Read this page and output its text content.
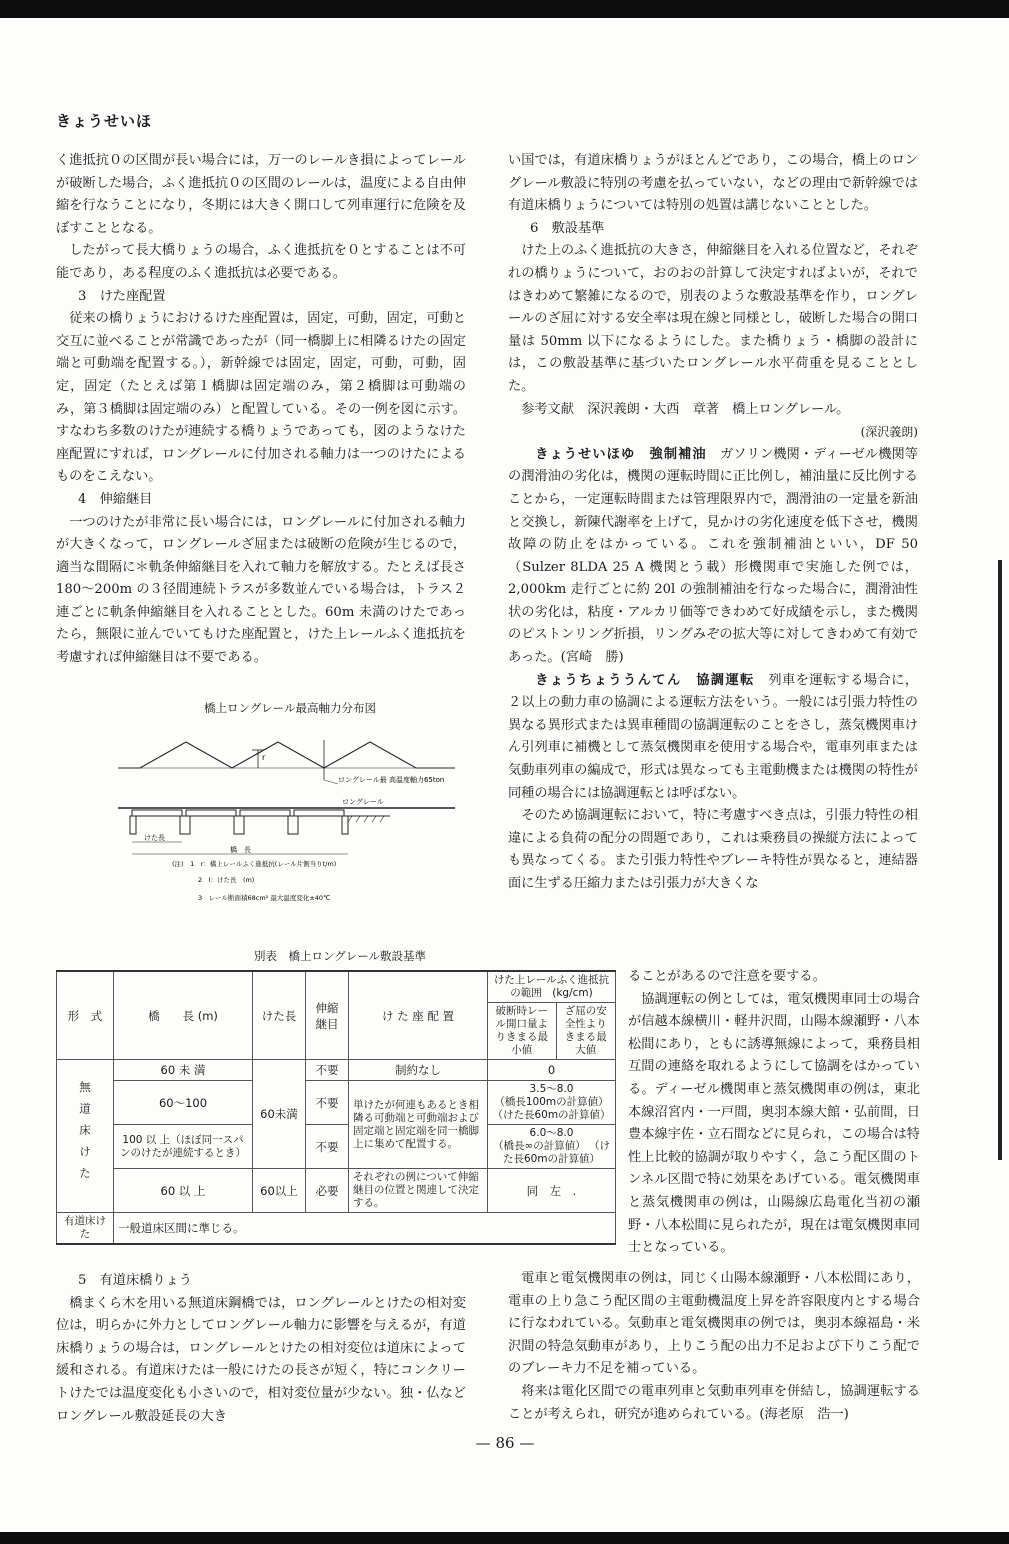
きょうせいほ

く進抵抗０の区間が長い場合には，万一のレールき損によってレールが破断した場合，ふく進抵抗０の区間のレールは，温度による自由伸縮を行なうことになり，冬期には大きく開口して列車運行に危険を及ぼすこととなる。

したがって長大橋りょうの場合，ふく進抵抗を０とすることは不可能であり，ある程度のふく進抵抗は必要である。

3　けた座配置

従来の橋りょうにおけるけた座配置は，固定，可動，固定，可動と交互に並べることが常識であったが（同一橋脚上に相隣るけたの固定端と可動端を配置する。），新幹線では固定，固定，可動，可動，固定，固定（たとえば第１橋脚は固定端のみ，第２橋脚は可動端のみ，第３橋脚は固定端のみ）と配置している。その一例を図に示す。すなわち多数のけたが連続する橋りょうであっても，図のようなけた座配置にすれば，ロングレールに付加される軸力は一つのけたによるものをこえない。

4　伸縮継目

一つのけたが非常に長い場合には，ロングレールに付加される軸力が大きくなって，ロングレールざ屈または破断の危険が生じるので，適当な間隔に＊軌条伸縮継目を入れて軸力を解放する。たとえば長さ 180～200m の３径間連続トラスが多数並んでいる場合は，トラス２連ごとに軌条伸縮継目を入れることとした。60m 未満のけたであったら，無限に並んでいてもけた座配置と，けた上レールふく進抵抗を考慮すれば伸縮継目は不要である。

橋上ロングレール最高軸力分布図
r
ロングレール最 高温度軸力65ton
ロングレール
けた長
橋　長
(注)　1　r：橋上レールふく進抵抗(レール片側当りt/m)
2　l：けた長　(m)
3　レール断面積68cm² 最大温度変化±40℃
別表　橋上ロングレール敷設基準
形　式	橋　　長 (m)	けた長	伸縮継目	け た 座 配 置	けた上レールふく進抵抗の範囲　(kg/cm)	
					破断時レール開口量よりきまる最小値	ざ屈の安全性よりきまる最大値
無道床けた	60 未 満	60未満	不要	制約なし	0	
	60～100		不要	単けたが何連もあるとき相隣る可動端と可動端および固定端と固定端を同一橋脚上に集めて配置する。	3.5～8.0
（橋長100mの計算値） （けた長60mの計算値）	
	100 以 上（ほぼ同一スパンのけたが連続するとき）		不要		6.0～8.0
（橋長∞の計算値） （けた長60mの計算値）	
	60 以 上	60以上	必要	それぞれの例について伸縮継目の位置と関連して決定する。	同　左　.	
有道床けた	一般道床区間に準じる。					

5　有道床橋りょう

橋まくら木を用いる無道床鋼橋では，ロングレールとけたの相対変位は，明らかに外力としてロングレール軸力に影響を与えるが，有道床橋りょうの場合は，ロングレールとけたの相対変位は道床によって緩和される。有道床けたは一般にけたの長さが短く，特にコンクリートけたでは温度変化も小さいので，相対変位量が少ない。独・仏などロングレール敷設延長の大き

い国では，有道床橋りょうがほとんどであり，この場合，橋上のロングレール敷設に特別の考慮を払っていない，などの理由で新幹線では有道床橋りょうについては特別の処置は講じないこととした。

6　敷設基準

けた上のふく進抵抗の大きさ，伸縮継目を入れる位置など，それぞれの橋りょうについて，おのおの計算して決定すればよいが，それではきわめて繁雑になるので，別表のような敷設基準を作り，ロングレールのざ屈に対する安全率は現在線と同様とし，破断した場合の開口量は 50mm 以下になるようにした。また橋りょう・橋脚の設計には，この敷設基準に基づいたロングレール水平荷重を見ることとした。

参考文献　深沢義朗・大西　章著　橋上ロングレール。

(深沢義朗)

きょうせいほゆ　強制補油　 ガソリン機関・ディーゼル機関等の潤滑油の劣化は，機関の運転時間に正比例し，補油量に反比例することから，一定運転時間または管理限界内で，潤滑油の一定量を新油と交換し，新陳代謝率を上げて，見かけの劣化速度を低下させ，機関故障の防止をはかっている。これを強制補油といい，DF 50（Sulzer 8LDA 25 A 機関とう載）形機関車で実施した例では，2,000km 走行ごとに約 20l の強制補油を行なった場合に，潤滑油性状の劣化は，粘度・アルカリ価等できわめて好成績を示し，また機関のピストンリング折損，リングみぞの拡大等に対してきわめて有効であった。(宮崎　勝)

きょうちょううんてん　協調運転　 列車を運転する場合に，２以上の動力車の協調による運転方法をいう。一般には引張力特性の異なる異形式または異車種間の協調運転のことをさし，蒸気機関車けん引列車に補機として蒸気機関車を使用する場合や，電車列車または気動車列車の編成で，形式は異なっても主電動機または機関の特性が同種の場合には協調運転とは呼ばない。

そのため協調運転において，特に考慮すべき点は，引張力特性の相違による負荷の配分の問題であり，これは乗務員の操縦方法によっても異なってくる。また引張力特性やブレーキ特性が異なると，連結器面に生ずる圧縮力または引張力が大きくな

ることがあるので注意を要する。

協調運転の例としては，電気機関車同士の場合が信越本線横川・軽井沢間，山陽本線瀬野・八本松間にあり，ともに誘導無線によって，乗務員相互間の連絡を取れるようにして協調をはかっている。ディーゼル機関車と蒸気機関車の例は，東北本線沼宮内・一戸間，奥羽本線大館・弘前間，日豊本線宇佐・立石間などに見られ，この場合は特性上比較的協調が取りやすく，急こう配区間のトンネル区間で特に効果をあげている。電気機関車と蒸気機関車の例は，山陽線広島電化当初の瀬野・八本松間に見られたが，現在は電気機関車同士となっている。

電車と電気機関車の例は，同じく山陽本線瀬野・八本松間にあり，電車の上り急こう配区間の主電動機温度上昇を許容限度内とする場合に行なわれている。気動車と電気機関車の例では，奥羽本線福島・米沢間の特急気動車があり，上りこう配の出力不足および下りこう配でのブレーキ力不足を補っている。

将来は電化区間での電車列車と気動車列車を併結し，協調運転することが考えられ，研究が進められている。(海老原　浩一)

— 86 —
